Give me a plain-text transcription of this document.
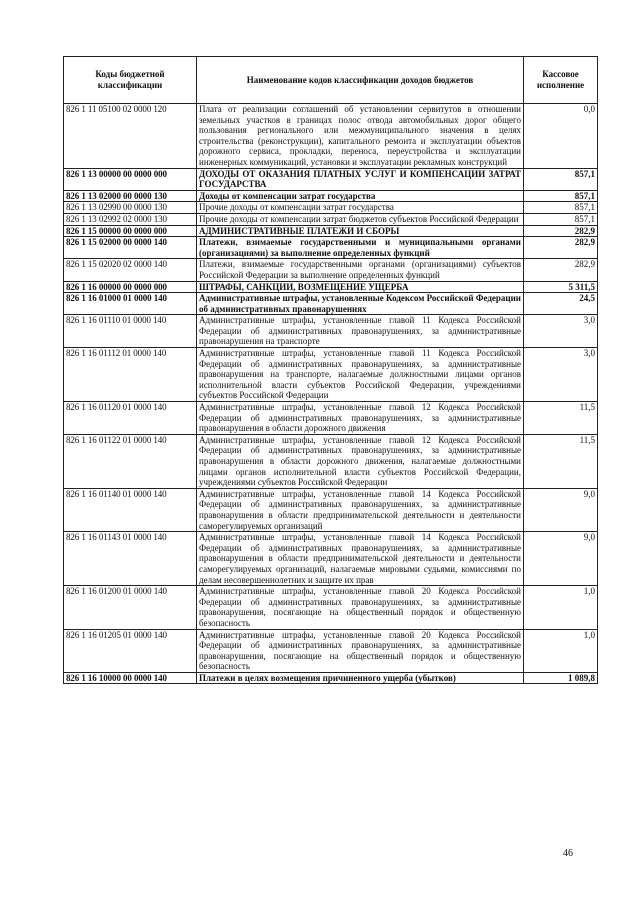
Коды бюджетной классификации	Наименование кодов классификации доходов бюджетов	Кассовое исполнение
826 1 11 05100 02 0000 120	Плата от реализации соглашений об установлении сервитутов в отношении земельных участков в границах полос отвода автомобильных дорог общего пользования регионального или межмуниципального значения в целях строительства (реконструкции), капитального ремонта и эксплуатации объектов дорожного сервиса, прокладки, переноса, переустройства и эксплуатации инженерных коммуникаций, установки и эксплуатации рекламных конструкций	0,0
826 1 13 00000 00 0000 000	ДОХОДЫ ОТ ОКАЗАНИЯ ПЛАТНЫХ УСЛУГ И КОМПЕНСАЦИИ ЗАТРАТ ГОСУДАРСТВА	857,1
826 1 13 02000 00 0000 130	Доходы от компенсации затрат государства	857,1
826 1 13 02990 00 0000 130	Прочие доходы от компенсации затрат государства	857,1
826 1 13 02992 02 0000 130	Прочие доходы от компенсации затрат бюджетов субъектов Российской Федерации	857,1
826 1 15 00000 00 0000 000	АДМИНИСТРАТИВНЫЕ ПЛАТЕЖИ И СБОРЫ	282,9
826 1 15 02000 00 0000 140	Платежи, взимаемые государственными и муниципальными органами (организациями) за выполнение определенных функций	282,9
826 1 15 02020 02 0000 140	Платежи, взимаемые государственными органами (организациями) субъектов Российской Федерации за выполнение определенных функций	282,9
826 1 16 00000 00 0000 000	ШТРАФЫ, САНКЦИИ, ВОЗМЕЩЕНИЕ УЩЕРБА	5 311,5
826 1 16 01000 01 0000 140	Административные штрафы, установленные Кодексом Российской Федерации об административных правонарушениях	24,5
826 1 16 01110 01 0000 140	Административные штрафы, установленные главой 11 Кодекса Российской Федерации об административных правонарушениях, за административные правонарушения на транспорте	3,0
826 1 16 01112 01 0000 140	Административные штрафы, установленные главой 11 Кодекса Российской Федерации об административных правонарушениях, за административные правонарушения на транспорте, налагаемые должностными лицами органов исполнительной власти субъектов Российской Федерации, учреждениями субъектов Российской Федерации	3,0
826 1 16 01120 01 0000 140	Административные штрафы, установленные главой 12 Кодекса Российской Федерации об административных правонарушениях, за административные правонарушения в области дорожного движения	11,5
826 1 16 01122 01 0000 140	Административные штрафы, установленные главой 12 Кодекса Российской Федерации об административных правонарушениях, за административные правонарушения в области дорожного движения, налагаемые должностными лицами органов исполнительной власти субъектов Российской Федерации, учреждениями субъектов Российской Федерации	11,5
826 1 16 01140 01 0000 140	Административные штрафы, установленные главой 14 Кодекса Российской Федерации об административных правонарушениях, за административные правонарушения в области предпринимательской деятельности и деятельности саморегулируемых организаций	9,0
826 1 16 01143 01 0000 140	Административные штрафы, установленные главой 14 Кодекса Российской Федерации об административных правонарушениях, за административные правонарушения в области предпринимательской деятельности и деятельности саморегулируемых организаций, налагаемые мировыми судьями, комиссиями по делам несовершеннолетних и защите их прав	9,0
826 1 16 01200 01 0000 140	Административные штрафы, установленные главой 20 Кодекса Российской Федерации об административных правонарушениях, за административные правонарушения, посягающие на общественный порядок и общественную безопасность	1,0
826 1 16 01205 01 0000 140	Административные штрафы, установленные главой 20 Кодекса Российской Федерации об административных правонарушениях, за административные правонарушения, посягающие на общественный порядок и общественную безопасность	1,0
826 1 16 10000 00 0000 140	Платежи в целях возмещения причиненного ущерба (убытков)	1 089,8
46
